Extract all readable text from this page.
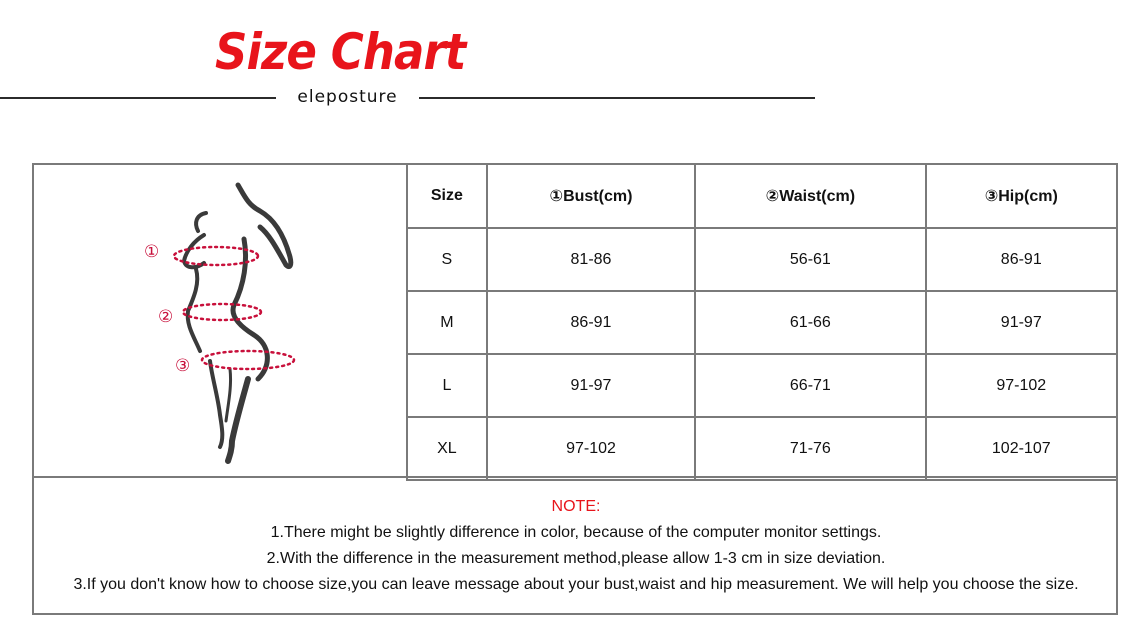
Size Chart
eleposture
①
②
③
Size	①Bust(cm)	②Waist(cm)	③Hip(cm)
S	81-86	56-61	86-91
M	86-91	61-66	91-97
L	91-97	66-71	97-102
XL	97-102	71-76	102-107
NOTE:
1.There might be slightly difference in color, because of the computer monitor settings.
2.With the difference in the measurement method,please allow 1-3 cm in size deviation.
3.If you don't know how to choose size,you can leave message about your bust,waist and hip measurement. We will help you choose the size.
